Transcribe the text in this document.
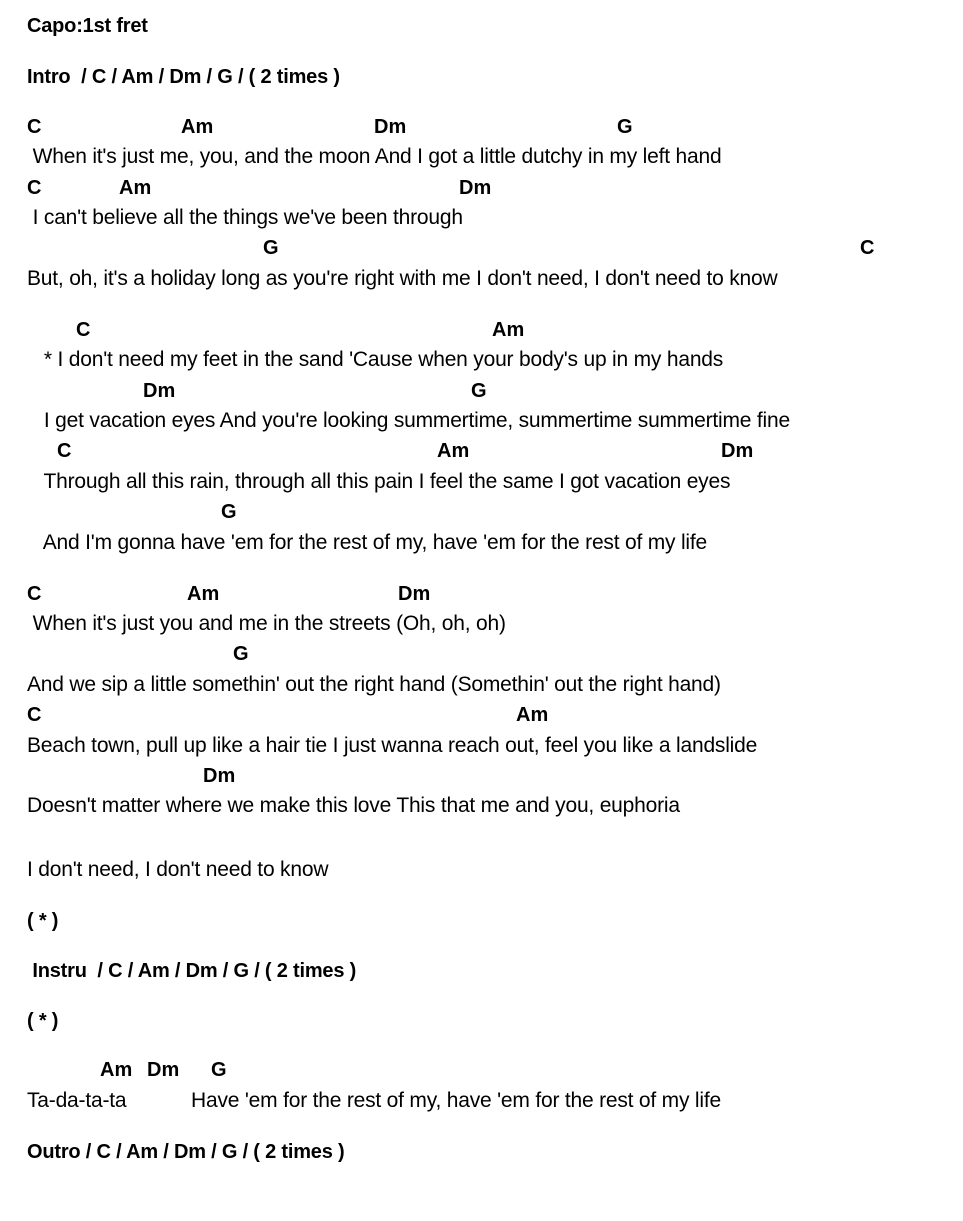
Capo:1st fret
Intro  / C / Am / Dm / G / ( 2 times )
C	Am	Dm	G
When it's just me, you, and the moon And I got a little dutchy in my left hand
C	Am	Dm
I can't believe all the things we've been through
G	C
But, oh, it's a holiday long as you're right with me I don't need, I don't need to know
C	Am
* I don't need my feet in the sand 'Cause when your body's up in my hands
Dm	G
I get vacation eyes And you're looking summertime, summertime summertime fine
C	Am	Dm
Through all this rain, through all this pain I feel the same I got vacation eyes
G
And I'm gonna have 'em for the rest of my, have 'em for the rest of my life
C	Am	Dm
When it's just you and me in the streets (Oh, oh, oh)
G
And we sip a little somethin' out the right hand (Somethin' out the right hand)
C	Am
Beach town, pull up like a hair tie I just wanna reach out, feel you like a landslide
Dm
Doesn't matter where we make this love This that me and you, euphoria
I don't need, I don't need to know
( * )
Instru  / C / Am / Dm / G / ( 2 times )
( * )
Am Dm G
Ta-da-ta-ta	Have 'em for the rest of my, have 'em for the rest of my life
Outro / C / Am / Dm / G / ( 2 times )
